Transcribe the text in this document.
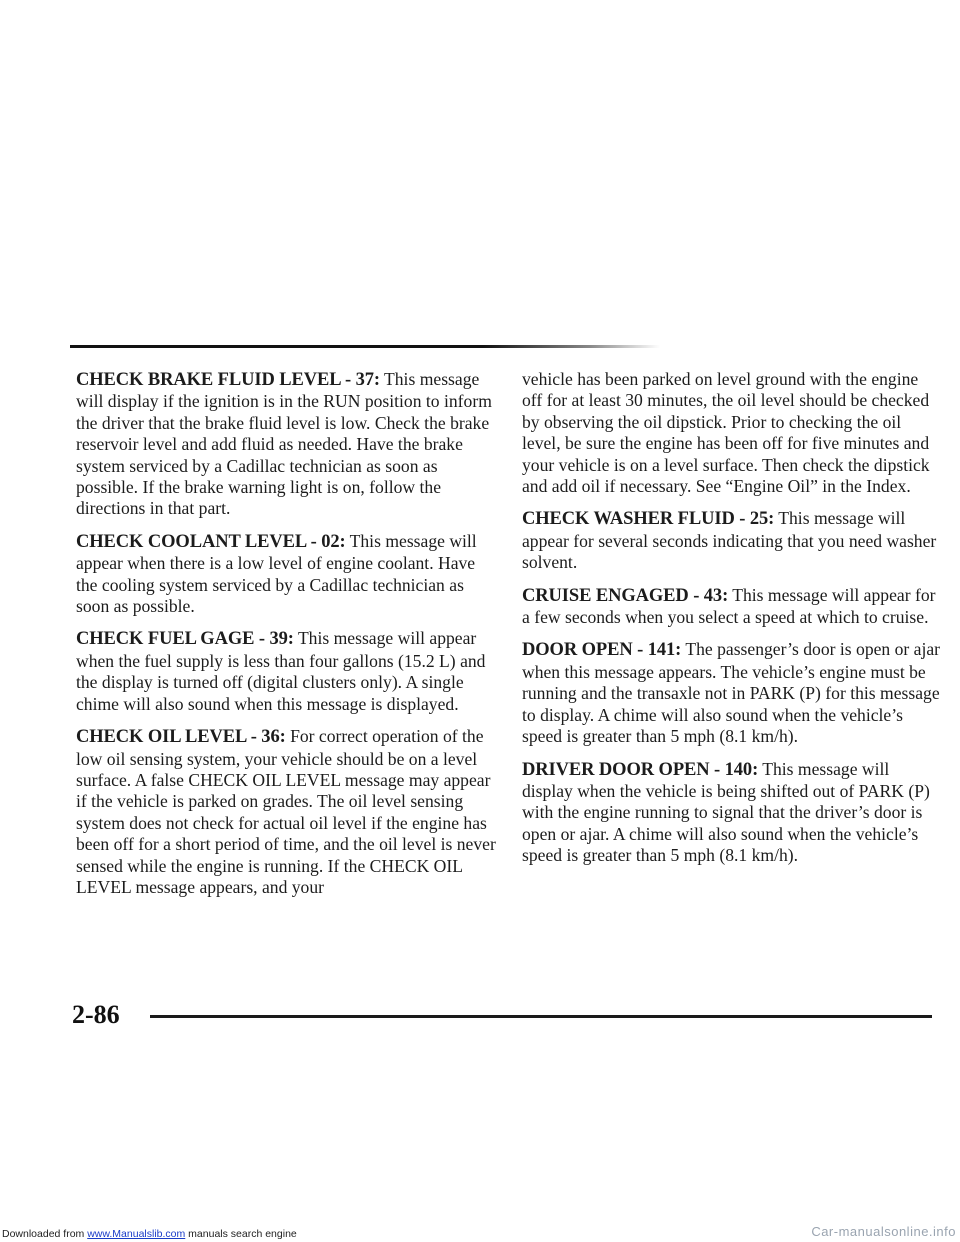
CHECK BRAKE FLUID LEVEL - 37: This message will display if the ignition is in the RUN position to inform the driver that the brake fluid level is low. Check the brake reservoir level and add fluid as needed. Have the brake system serviced by a Cadillac technician as soon as possible. If the brake warning light is on, follow the directions in that part.

CHECK COOLANT LEVEL - 02: This message will appear when there is a low level of engine coolant. Have the cooling system serviced by a Cadillac technician as soon as possible.

CHECK FUEL GAGE - 39: This message will appear when the fuel supply is less than four gallons (15.2 L) and the display is turned off (digital clusters only). A single chime will also sound when this message is displayed.

CHECK OIL LEVEL - 36: For correct operation of the low oil sensing system, your vehicle should be on a level surface. A false CHECK OIL LEVEL message may appear if the vehicle is parked on grades. The oil level sensing system does not check for actual oil level if the engine has been off for a short period of time, and the oil level is never sensed while the engine is running. If the CHECK OIL LEVEL message appears, and your

vehicle has been parked on level ground with the engine off for at least 30 minutes, the oil level should be checked by observing the oil dipstick. Prior to checking the oil level, be sure the engine has been off for five minutes and your vehicle is on a level surface. Then check the dipstick and add oil if necessary. See “Engine Oil” in the Index.

CHECK WASHER FLUID - 25: This message will appear for several seconds indicating that you need washer solvent.

CRUISE ENGAGED - 43: This message will appear for a few seconds when you select a speed at which to cruise.

DOOR OPEN - 141: The passenger’s door is open or ajar when this message appears. The vehicle’s engine must be running and the transaxle not in PARK (P) for this message to display. A chime will also sound when the vehicle’s speed is greater than 5 mph (8.1 km/h).

DRIVER DOOR OPEN - 140: This message will display when the vehicle is being shifted out of PARK (P) with the engine running to signal that the driver’s door is open or ajar. A chime will also sound when the vehicle’s speed is greater than 5 mph (8.1 km/h).

2-86
Downloaded from www.Manualslib.com manuals search engine	Car-manualsonline.info
